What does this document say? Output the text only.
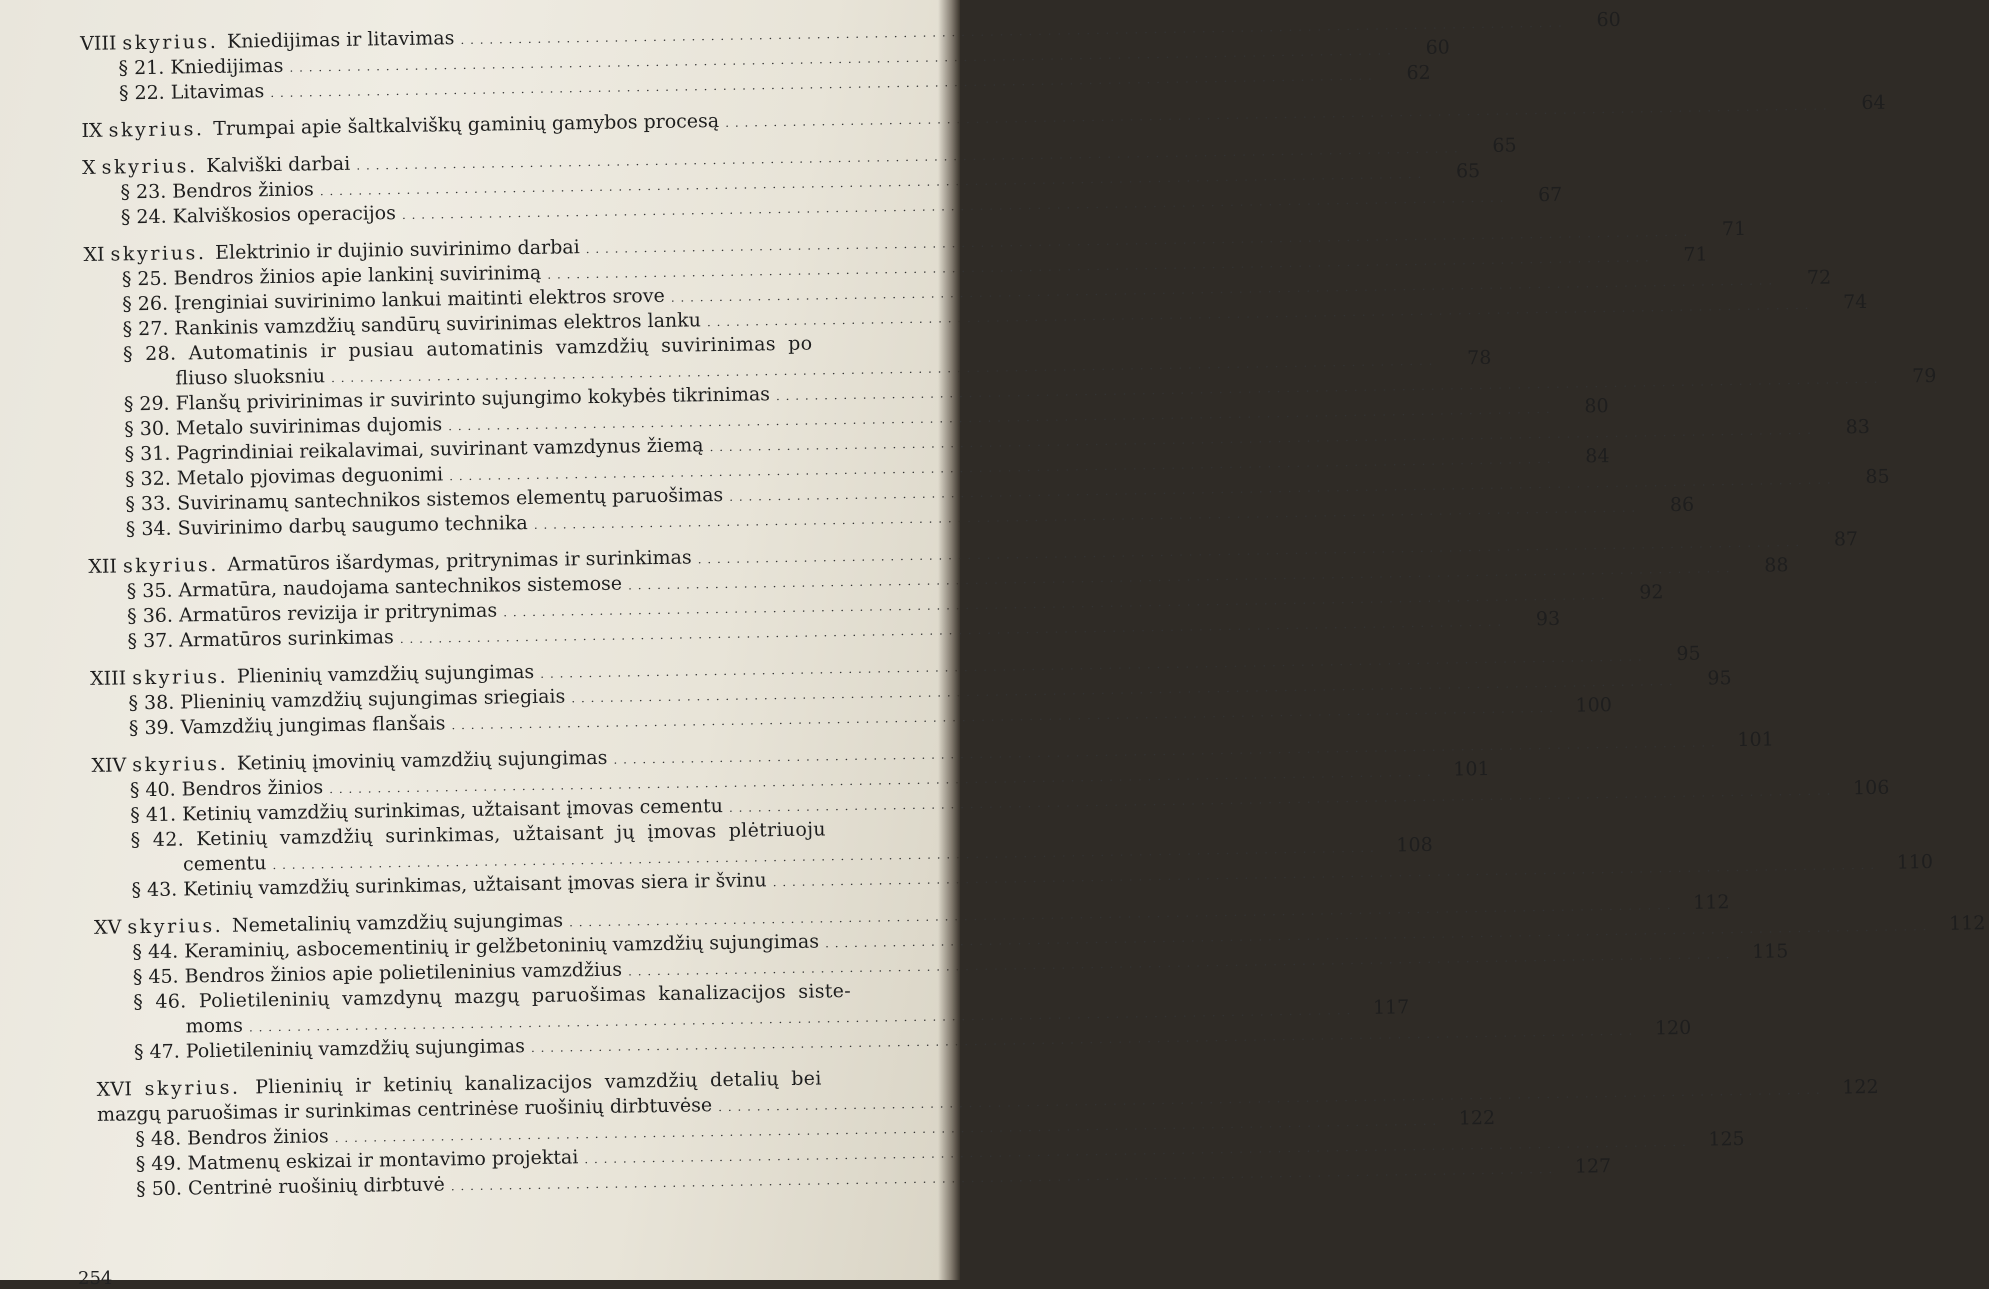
VIII skyrius. Kniedijimas ir litavimas
. . .
60
§ 21. Kniedijimas
. . .
60
§ 22. Litavimas
. . .
62
IX skyrius. Trumpai apie šaltkalviškų gaminių gamybos procesą
. . .
64
X skyrius. Kalviški darbai
. . .
65
§ 23. Bendros žinios
. . .
65
§ 24. Kalviškosios operacijos
. . .
67
XI skyrius. Elektrinio ir dujinio suvirinimo darbai
. . .
71
§ 25. Bendros žinios apie lankinį suvirinimą
. . .
71
§ 26. Įrenginiai suvirinimo lankui maitinti elektros srove
. . .
72
§ 27. Rankinis vamzdžių sandūrų suvirinimas elektros lanku
. . .
74
§ 28. Automatinis ir pusiau automatinis vamzdžių suvirinimas po
fliuso sluoksniu
. . .
78
§ 29. Flanšų privirinimas ir suvirinto sujungimo kokybės tikrinimas
. . .
79
§ 30. Metalo suvirinimas dujomis
. . .
80
§ 31. Pagrindiniai reikalavimai, suvirinant vamzdynus žiemą
. . .
83
§ 32. Metalo pjovimas deguonimi
. . .
84
§ 33. Suvirinamų santechnikos sistemos elementų paruošimas
. . .
85
§ 34. Suvirinimo darbų saugumo technika
. . .
86
XII skyrius. Armatūros išardymas, pritrynimas ir surinkimas
. . .
87
§ 35. Armatūra, naudojama santechnikos sistemose
. . .
88
§ 36. Armatūros revizija ir pritrynimas
. . .
92
§ 37. Armatūros surinkimas
. . .
93
XIII skyrius. Plieninių vamzdžių sujungimas
. . .
95
§ 38. Plieninių vamzdžių sujungimas sriegiais
. . .
95
§ 39. Vamzdžių jungimas flanšais
. . .
100
XIV skyrius. Ketinių įmovinių vamzdžių sujungimas
. . .
101
§ 40. Bendros žinios
. . .
101
§ 41. Ketinių vamzdžių surinkimas, užtaisant įmovas cementu
. . .
106
§ 42. Ketinių vamzdžių surinkimas, užtaisant jų įmovas plėtriuoju
cementu
. . .
108
§ 43. Ketinių vamzdžių surinkimas, užtaisant įmovas siera ir švinu
. . .
110
XV skyrius. Nemetalinių vamzdžių sujungimas
. . .
112
§ 44. Keraminių, asbocementinių ir gelžbetoninių vamzdžių sujungimas
. . .
112
§ 45. Bendros žinios apie polietileninius vamzdžius
. . .
115
§ 46. Polietileninių vamzdynų mazgų paruošimas kanalizacijos siste-
moms
. . .
117
§ 47. Polietileninių vamzdžių sujungimas
. . .
120
XVI skyrius. Plieninių ir ketinių kanalizacijos vamzdžių detalių bei
mazgų paruošimas ir surinkimas centrinėse ruošinių dirbtuvėse
. . .
122
§ 48. Bendros žinios
. . .
122
§ 49. Matmenų eskizai ir montavimo projektai
. . .
125
§ 50. Centrinė ruošinių dirbtuvė
. . .
127
254
